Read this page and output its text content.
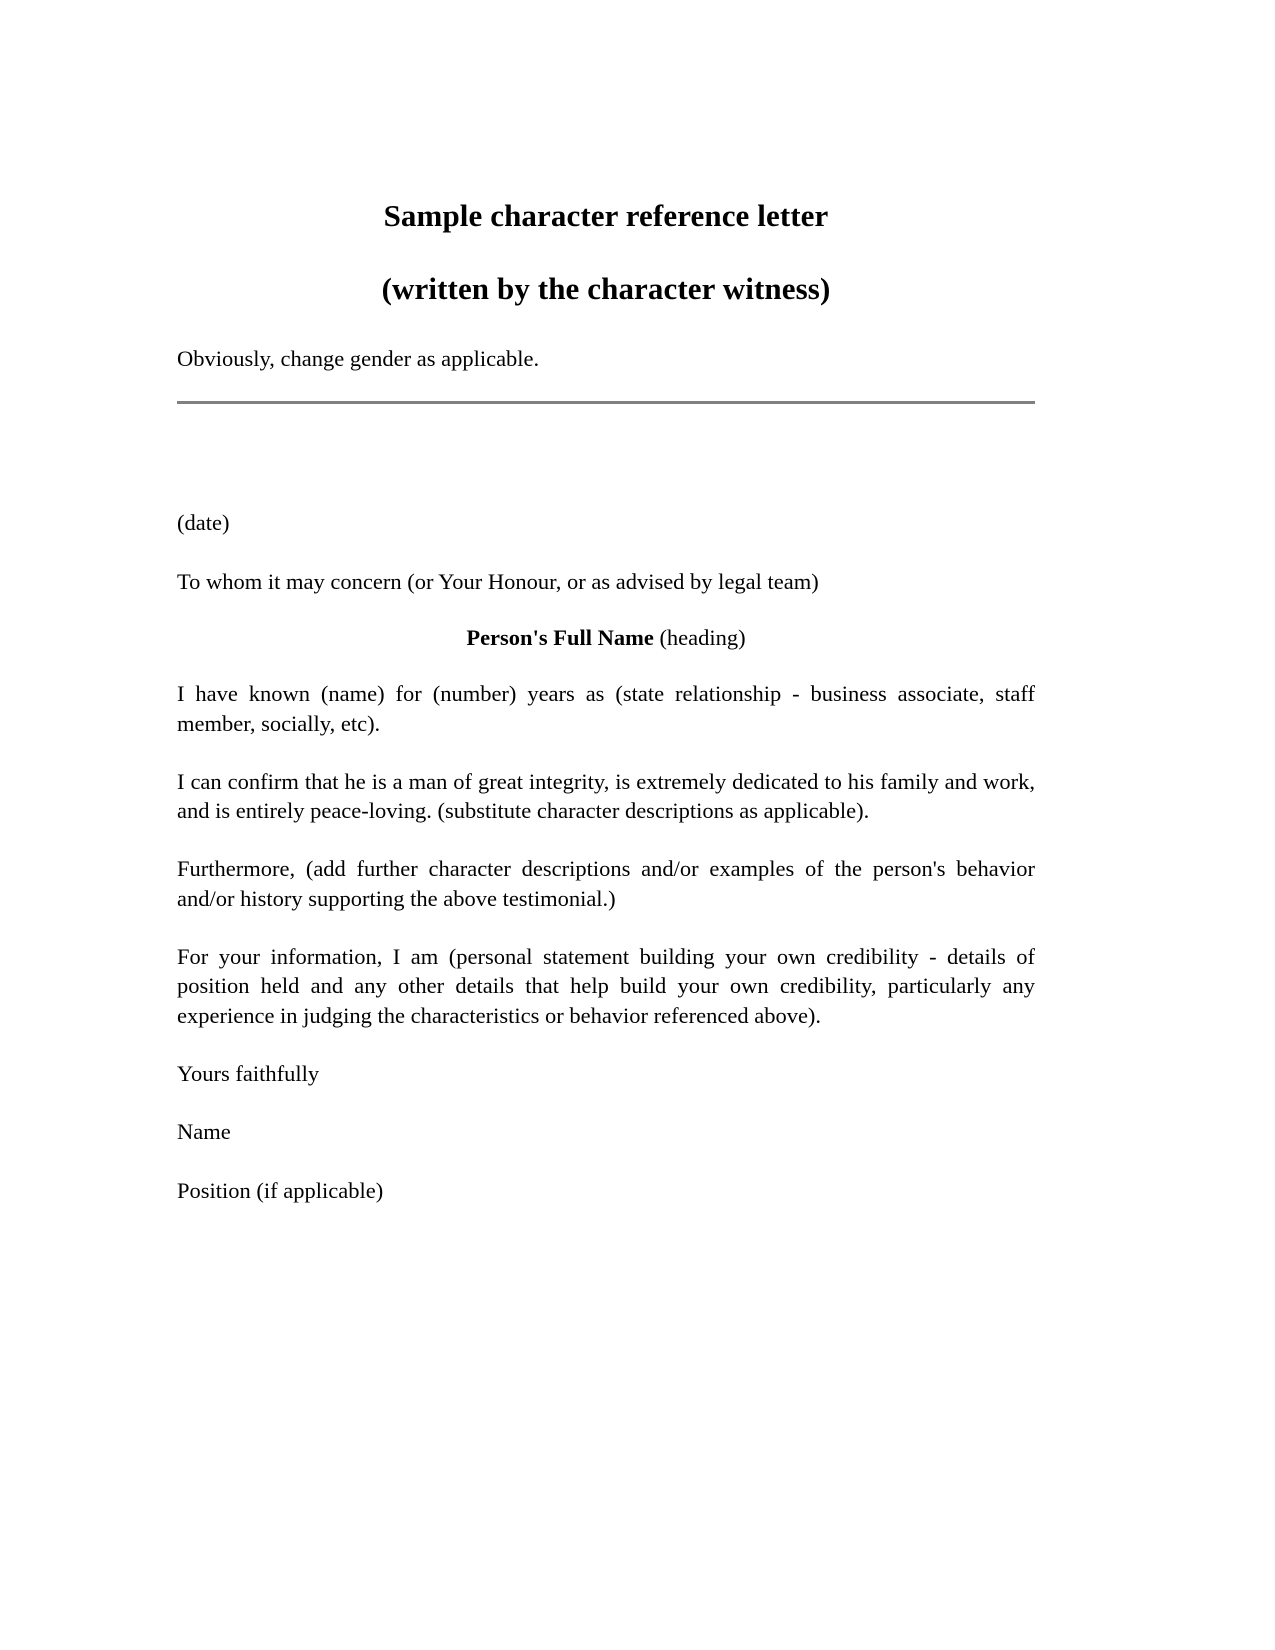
Sample character reference letter
(written by the character witness)
Obviously, change gender as applicable.

(date)

To whom it may concern (or Your Honour, or as advised by legal team)

Person's Full Name (heading)

I have known (name) for (number) years as (state relationship - business associate, staff member, socially, etc).

I can confirm that he is a man of great integrity, is extremely dedicated to his family and work, and is entirely peace-loving. (substitute character descriptions as applicable).

Furthermore, (add further character descriptions and/or examples of the person's behavior and/or history supporting the above testimonial.)

For your information, I am (personal statement building your own credibility - details of position held and any other details that help build your own credibility, particularly any experience in judging the characteristics or behavior referenced above).

Yours faithfully

Name

Position (if applicable)
